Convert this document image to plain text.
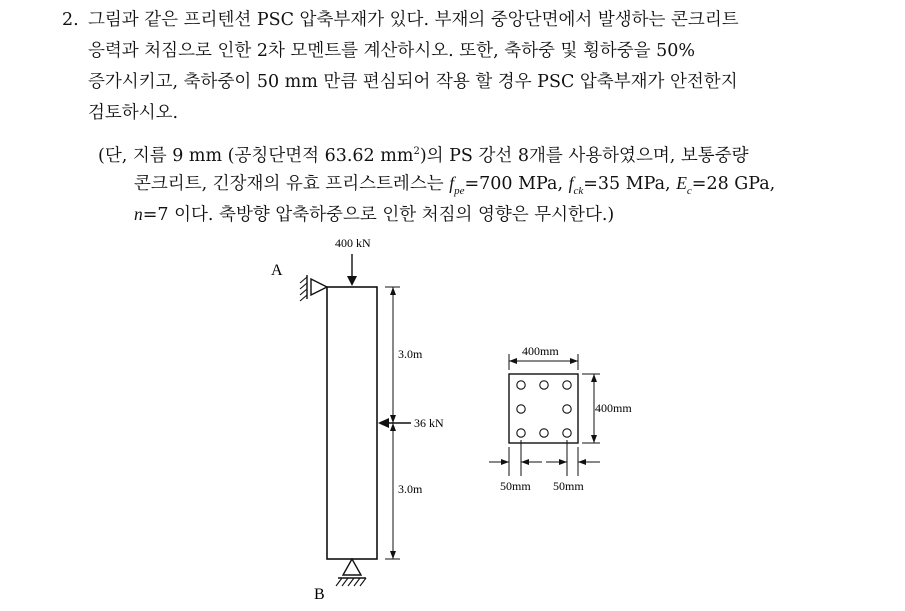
2. 그림과 같은 프리텐션 PSC 압축부재가 있다. 부재의 중앙단면에서 발생하는 콘크리트
응력과 처짐으로 인한 2차 모멘트를 계산하시오. 또한, 축하중 및 횡하중을 50%
증가시키고, 축하중이 50 mm 만큼 편심되어 작용 할 경우 PSC 압축부재가 안전한지
검토하시오.
(단, 지름 9 mm (공칭단면적 63.62 $mm^2$)의 PS 강선 8개를 사용하였으며, 보통중량
콘크리트, 긴장재의 유효 프리스트레스는 $f_{pe}=700$ MPa, $f_{ck}=35$ MPa, $E_c=28$ GPa,
n=7 이다. 축방향 압축하중으로 인한 처짐의 영향은 무시한다.)
400 kN
A
B
3.0m
3.0m
36 kN
400mm
400mm
50mm 50mm
